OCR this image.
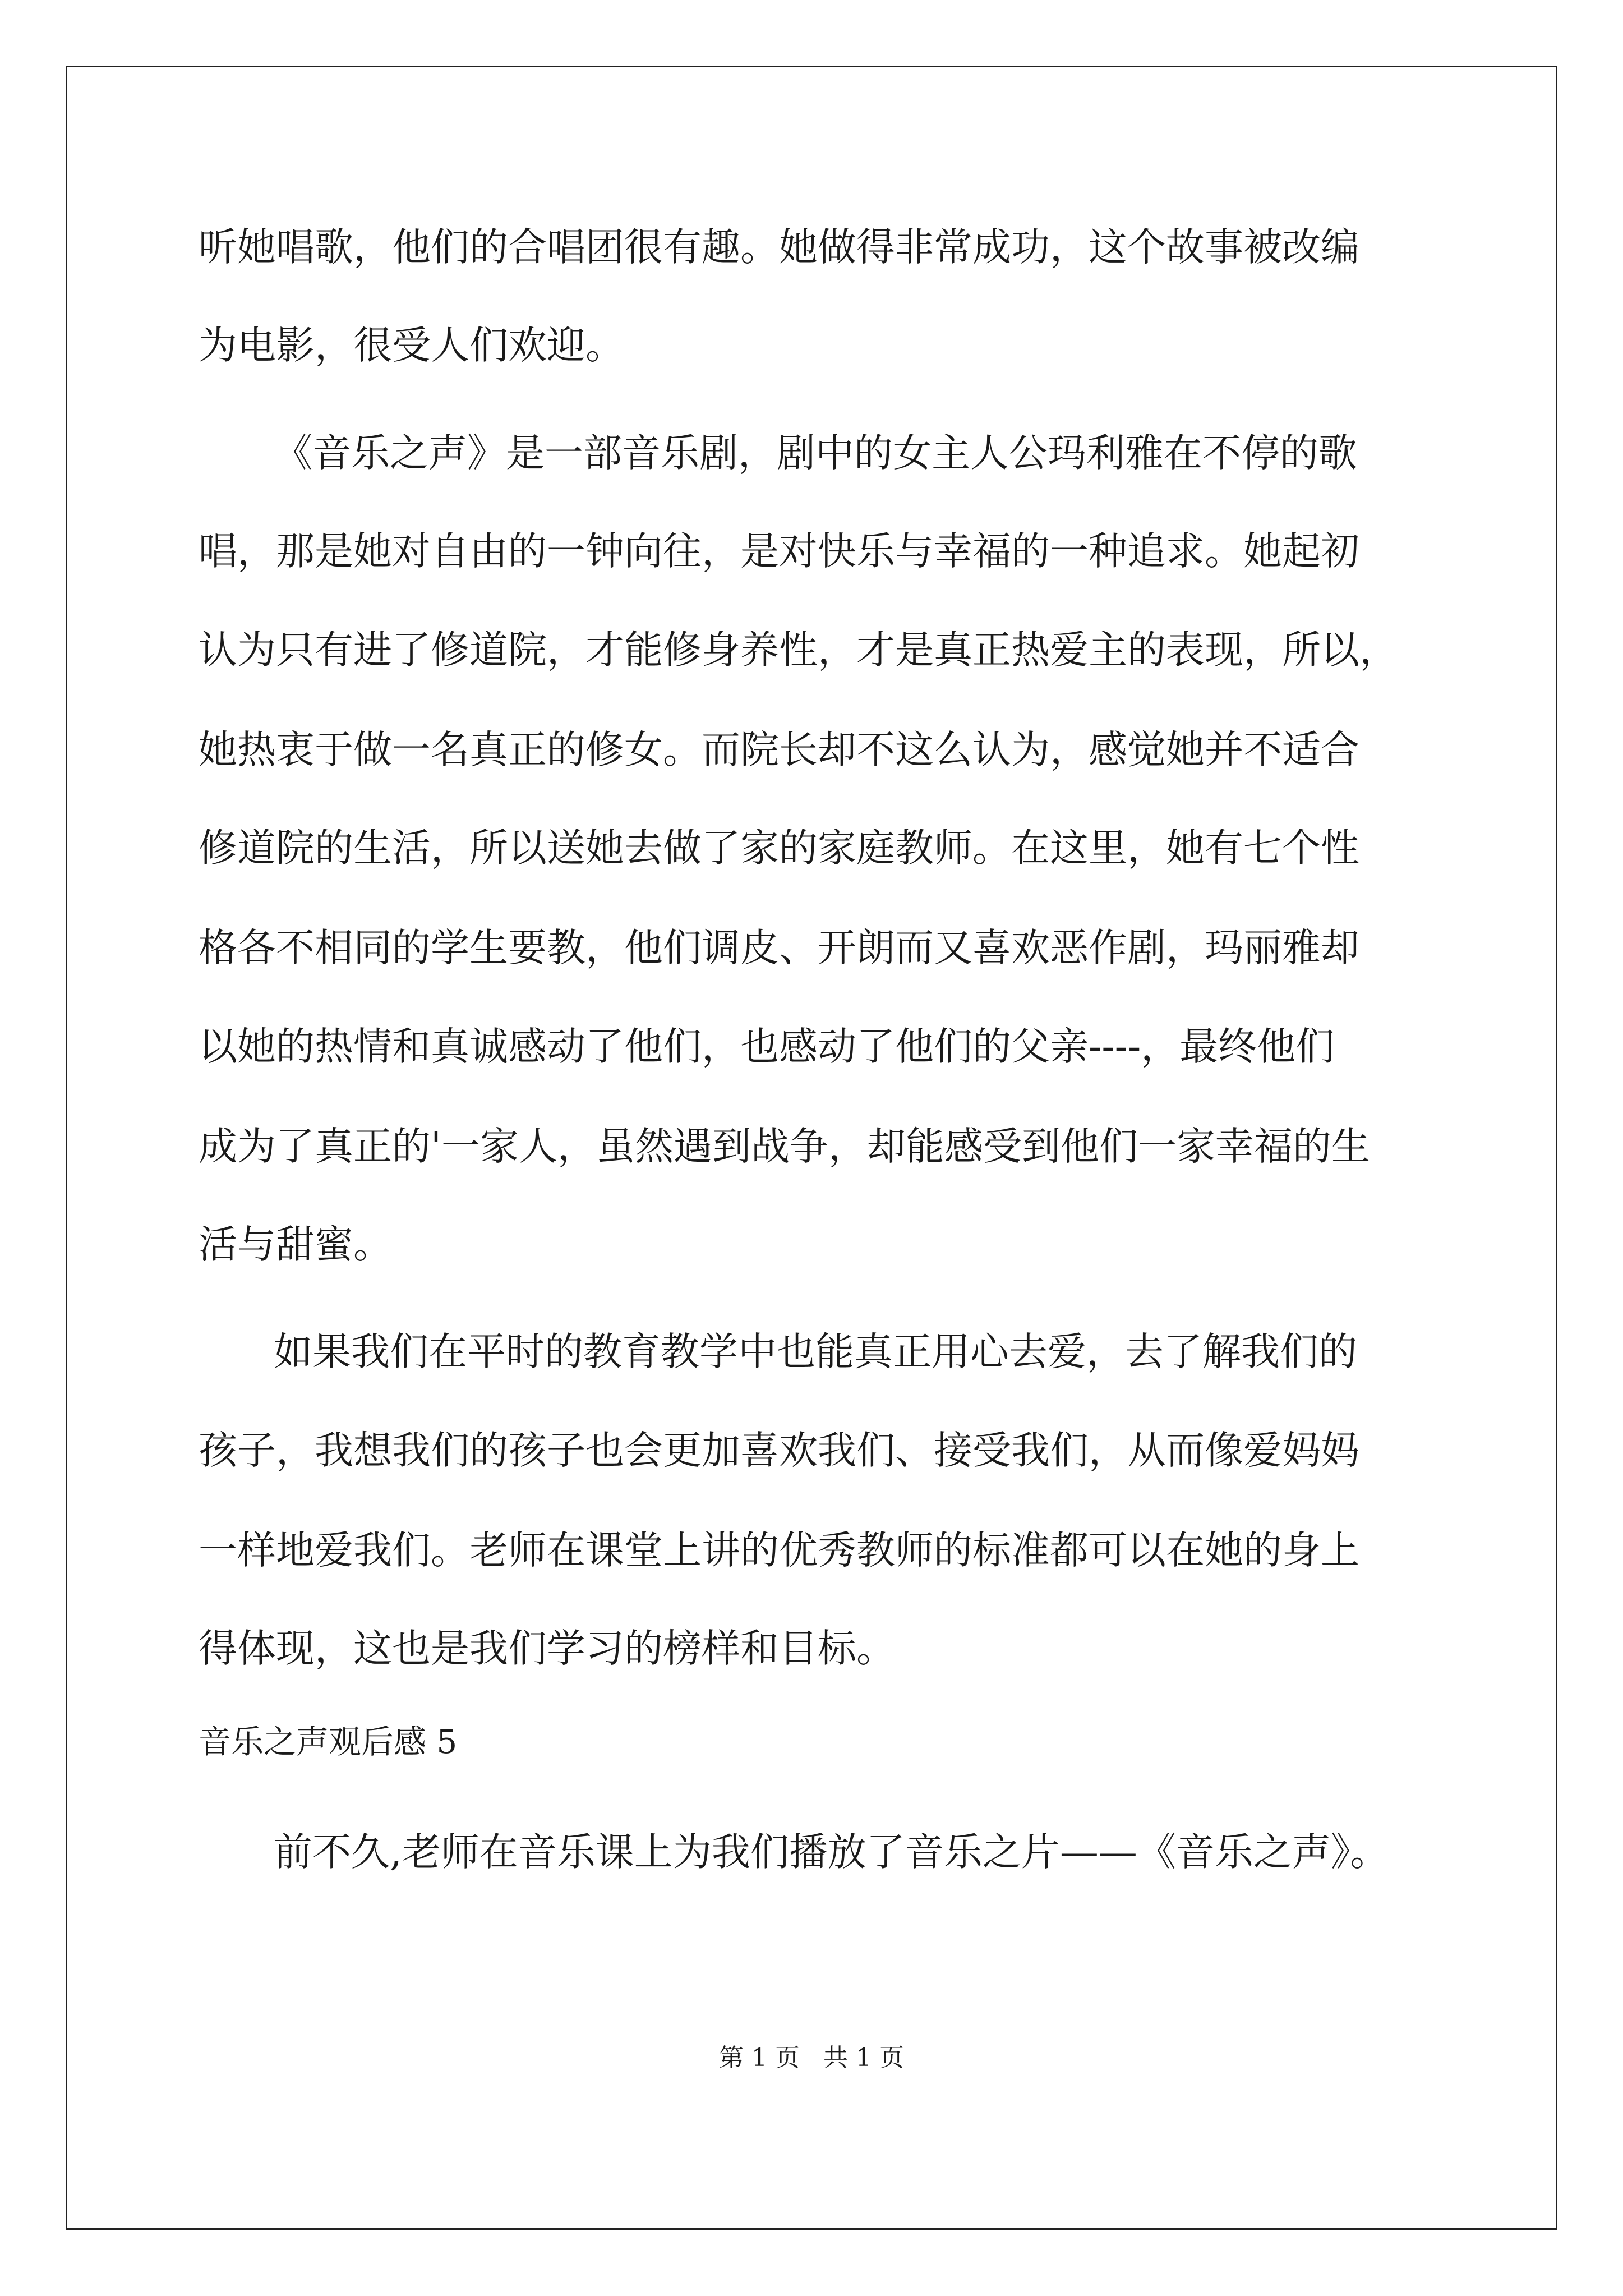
听她唱歌，他们的合唱团很有趣。她做得非常成功，这个故事被改编
为电影，很受人们欢迎。
《音乐之声》是一部音乐剧，剧中的女主人公玛利雅在不停的歌
唱，那是她对自由的一钟向往，是对快乐与幸福的一种追求。她起初
认为只有进了修道院，才能修身养性，才是真正热爱主的表现，所以，
她热衷于做一名真正的修女。而院长却不这么认为，感觉她并不适合
修道院的生活，所以送她去做了家的家庭教师。在这里，她有七个性
格各不相同的学生要教，他们调皮、开朗而又喜欢恶作剧，玛丽雅却
以她的热情和真诚感动了他们，也感动了他们的父亲----，最终他们
成为了真正的'一家人，虽然遇到战争，却能感受到他们一家幸福的生
活与甜蜜。
如果我们在平时的教育教学中也能真正用心去爱，去了解我们的
孩子，我想我们的孩子也会更加喜欢我们、接受我们，从而像爱妈妈
一样地爱我们。老师在课堂上讲的优秀教师的标准都可以在她的身上
得体现，这也是我们学习的榜样和目标。
音乐之声观后感 5
前不久,老师在音乐课上为我们播放了音乐之片——《音乐之声》。
第 1 页   共 1 页
